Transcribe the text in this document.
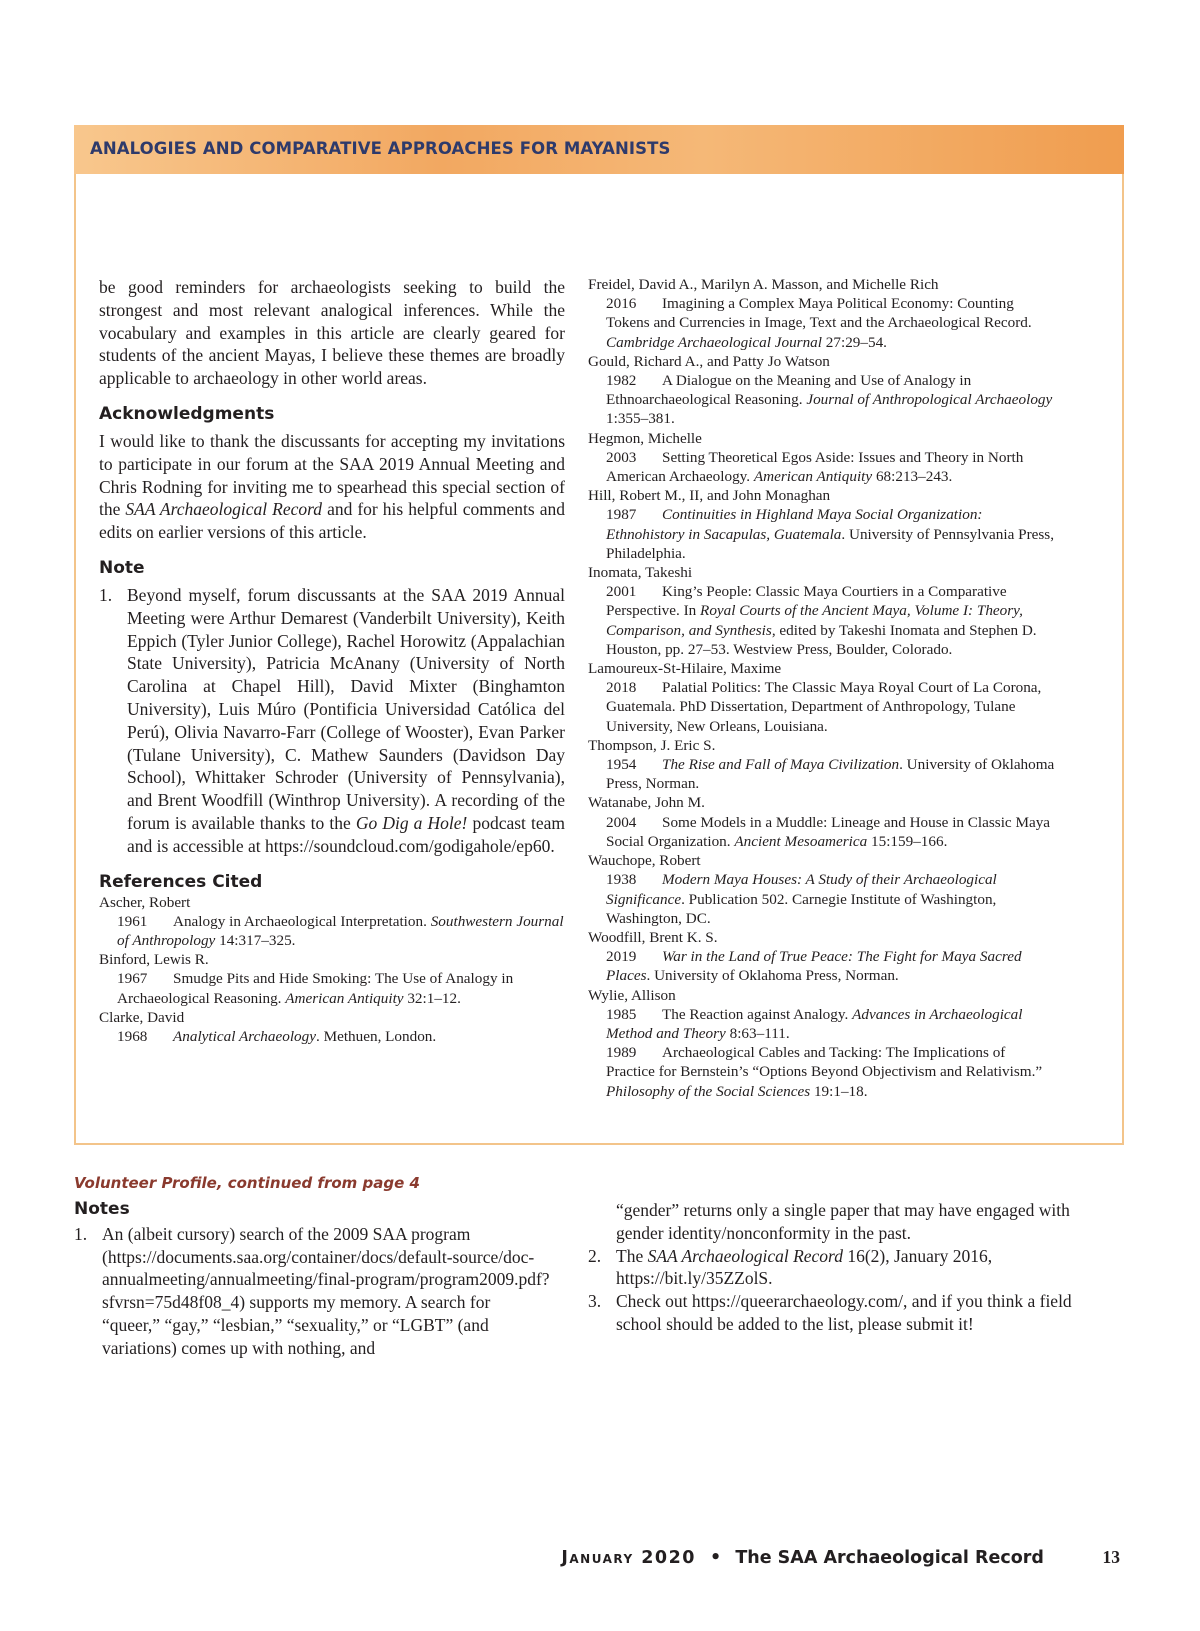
ANALOGIES AND COMPARATIVE APPROACHES FOR MAYANISTS

be good reminders for archaeologists seeking to build the strongest and most relevant analogical inferences. While the vocabulary and examples in this article are clearly geared for students of the ancient Mayas, I believe these themes are broadly applicable to archaeology in other world areas.

Acknowledgments

I would like to thank the discussants for accepting my invitations to participate in our forum at the SAA 2019 Annual Meeting and Chris Rodning for inviting me to spearhead this special section of the SAA Archaeological Record and for his helpful comments and edits on earlier versions of this article.

Note
1. Beyond myself, forum discussants at the SAA 2019 Annual Meeting were Arthur Demarest (Vanderbilt University), Keith Eppich (Tyler Junior College), Rachel Horowitz (Appalachian State University), Patricia McAnany (University of North Carolina at Chapel Hill), David Mixter (Binghamton University), Luis Múro (Pontificia Universidad Católica del Perú), Olivia Navarro-Farr (College of Wooster), Evan Parker (Tulane University), C. Mathew Saunders (Davidson Day School), Whittaker Schroder (University of Pennsylvania), and Brent Woodfill (Winthrop University). A recording of the forum is available thanks to the Go Dig a Hole! podcast team and is accessible at https://soundcloud.com/godigahole/ep60.
References Cited

Ascher, Robert

1961 Analogy in Archaeological Interpretation. Southwestern Journal of Anthropology 14:317–325.

Binford, Lewis R.

1967 Smudge Pits and Hide Smoking: The Use of Analogy in Archaeological Reasoning. American Antiquity 32:1–12.

Clarke, David

1968 Analytical Archaeology. Methuen, London.

Freidel, David A., Marilyn A. Masson, and Michelle Rich

2016 Imagining a Complex Maya Political Economy: Counting Tokens and Currencies in Image, Text and the Archaeological Record. Cambridge Archaeological Journal 27:29–54.

Gould, Richard A., and Patty Jo Watson

1982 A Dialogue on the Meaning and Use of Analogy in Ethnoarchaeological Reasoning. Journal of Anthropological Archaeology 1:355–381.

Hegmon, Michelle

2003 Setting Theoretical Egos Aside: Issues and Theory in North American Archaeology. American Antiquity 68:213–243.

Hill, Robert M., II, and John Monaghan

1987 Continuities in Highland Maya Social Organization: Ethnohistory in Sacapulas, Guatemala. University of Pennsylvania Press, Philadelphia.

Inomata, Takeshi

2001 King’s People: Classic Maya Courtiers in a Comparative Perspective. In Royal Courts of the Ancient Maya, Volume I: Theory, Comparison, and Synthesis, edited by Takeshi Inomata and Stephen D. Houston, pp. 27–53. Westview Press, Boulder, Colorado.

Lamoureux-St-Hilaire, Maxime

2018 Palatial Politics: The Classic Maya Royal Court of La Corona, Guatemala. PhD Dissertation, Department of Anthropology, Tulane University, New Orleans, Louisiana.

Thompson, J. Eric S.

1954 The Rise and Fall of Maya Civilization. University of Oklahoma Press, Norman.

Watanabe, John M.

2004 Some Models in a Muddle: Lineage and House in Classic Maya Social Organization. Ancient Mesoamerica 15:159–166.

Wauchope, Robert

1938 Modern Maya Houses: A Study of their Archaeological Significance. Publication 502. Carnegie Institute of Washington, Washington, DC.

Woodfill, Brent K. S.

2019 War in the Land of True Peace: The Fight for Maya Sacred Places. University of Oklahoma Press, Norman.

Wylie, Allison

1985 The Reaction against Analogy. Advances in Archaeological Method and Theory 8:63–111.

1989 Archaeological Cables and Tacking: The Implications of Practice for Bernstein’s “Options Beyond Objectivism and Relativism.” Philosophy of the Social Sciences 19:1–18.

Volunteer Profile, continued from page 4

Notes
1. An (albeit cursory) search of the 2009 SAA program (https://documents.saa.org/container/docs/default-source/doc-annualmeeting/annualmeeting/final-program/program2009.pdf?sfvrsn=75d48f08_4) supports my memory. A search for “queer,” “gay,” “lesbian,” “sexuality,” or “LGBT” (and variations) comes up with nothing, and
“gender” returns only a single paper that may have engaged with gender identity/nonconformity in the past.
2. The SAA Archaeological Record 16(2), January 2016, https://bit.ly/35ZZolS.
3. Check out https://queerarchaeology.com/, and if you think a field school should be added to the list, please submit it!
January 2020 • The SAA Archaeological Record	13
